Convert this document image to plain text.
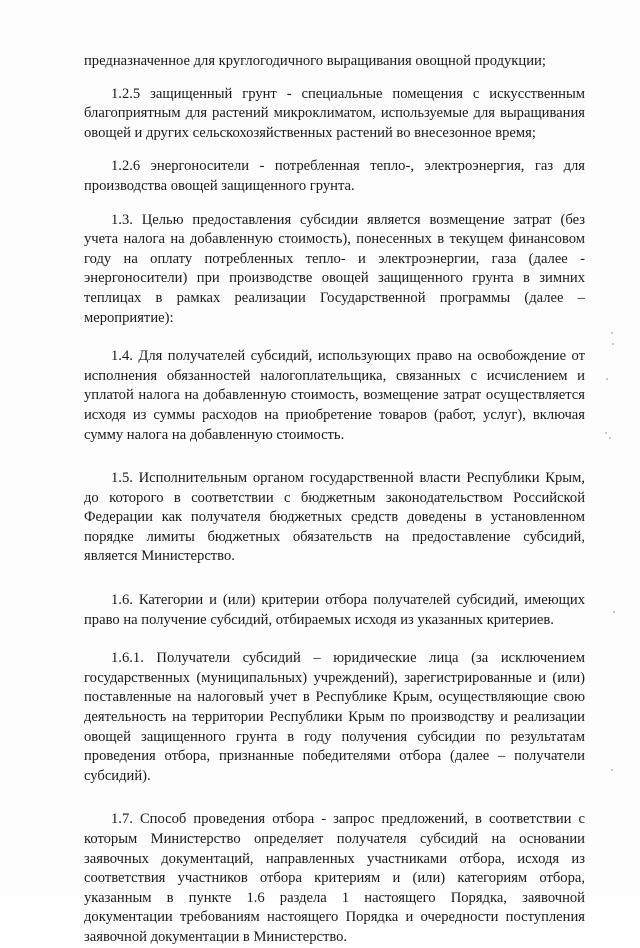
предназначенное для круглогодичного выращивания овощной продукции;

1.2.5 защищенный грунт - специальные помещения с искусственным благоприятным для растений микроклиматом, используемые для выращивания овощей и других сельскохозяйственных растений во внесезонное время;

1.2.6 энергоносители - потребленная тепло-, электроэнергия, газ для производства овощей защищенного грунта.

1.3. Целью предоставления субсидии является возмещение затрат (без учета налога на добавленную стоимость), понесенных в текущем финансовом году на оплату потребленных тепло- и электроэнергии, газа (далее - энергоносители) при производстве овощей защищенного грунта в зимних теплицах в рамках реализации Государственной программы (далее – мероприятие):

1.4. Для получателей субсидий, использующих право на освобождение от исполнения обязанностей налогоплательщика, связанных с исчислением и уплатой налога на добавленную стоимость, возмещение затрат осуществляется исходя из суммы расходов на приобретение товаров (работ, услуг), включая сумму налога на добавленную стоимость.

1.5. Исполнительным органом государственной власти Республики Крым, до которого в соответствии с бюджетным законодательством Российской Федерации как получателя бюджетных средств доведены в установленном порядке лимиты бюджетных обязательств на предоставление субсидий, является Министерство.

1.6. Категории и (или) критерии отбора получателей субсидий, имеющих право на получение субсидий, отбираемых исходя из указанных критериев.

1.6.1. Получатели субсидий – юридические лица (за исключением государственных (муниципальных) учреждений), зарегистрированные и (или) поставленные на налоговый учет в Республике Крым, осуществляющие свою деятельность на территории Республики Крым по производству и реализации овощей защищенного грунта в году получения субсидии по результатам проведения отбора, признанные победителями отбора (далее – получатели субсидий).

1.7. Способ проведения отбора - запрос предложений, в соответствии с которым Министерство определяет получателя субсидий на основании заявочных документаций, направленных участниками отбора, исходя из соответствия участников отбора критериям и (или) категориям отбора, указанным в пункте 1.6 раздела 1 настоящего Порядка, заявочной документации требованиям настоящего Порядка и очередности поступления заявочной документации в Министерство.
